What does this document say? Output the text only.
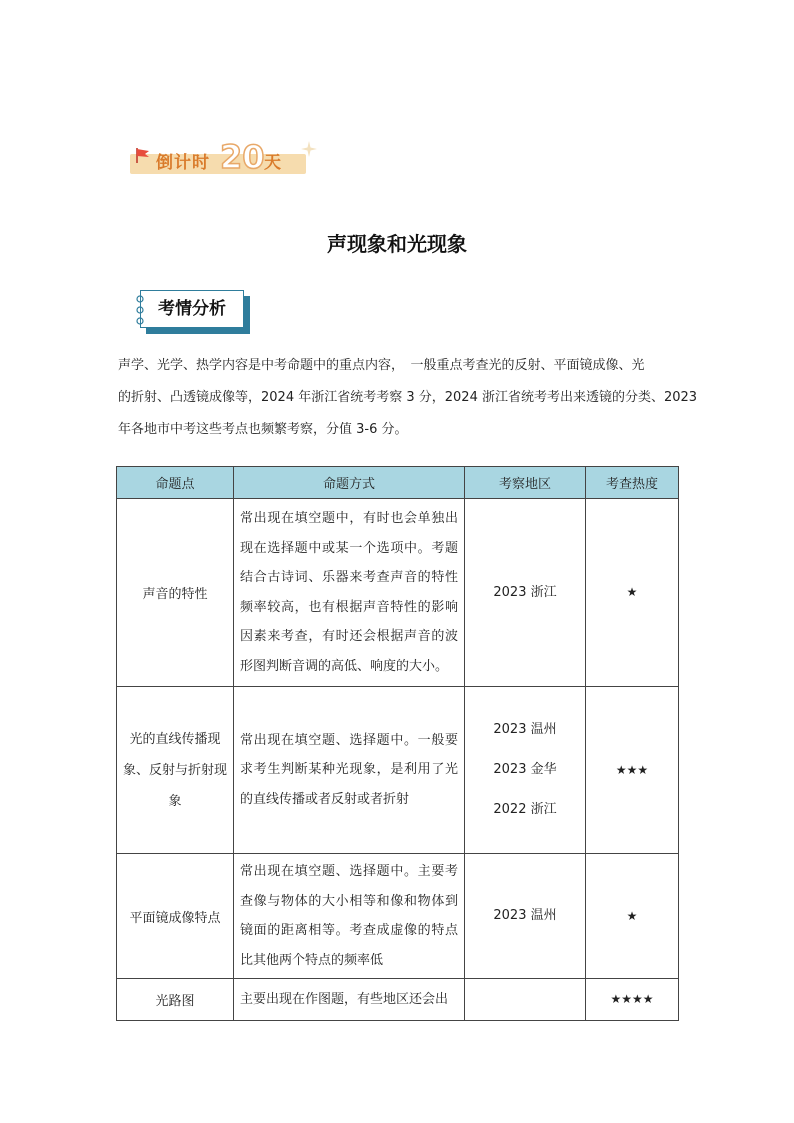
倒计时 20 天
声现象和光现象
考情分析

声学、光学、热学内容是中考命题中的重点内容，　一般重点考查光的反射、平面镜成像、光

的折射、凸透镜成像等，2024 年浙江省统考考察 3 分，2024 浙江省统考考出来透镜的分类、2023

年各地市中考这些考点也频繁考察，分值 3-6 分。

命题点	命题方式	考察地区	考查热度
声音的特性	常出现在填空题中，有时也会单独出现在选择题中或某一个选项中。考题结合古诗词、乐器来考查声音的特性频率较高，也有根据声音特性的影响因素来考查，有时还会根据声音的波形图判断音调的高低、响度的大小。	2023 浙江	★
光的直线传播现象、反射与折射现象	常出现在填空题、选择题中。一般要求考生判断某种光现象，是利用了光的直线传播或者反射或者折射	2023 温州
2023 金华
2022 浙江	★★★
平面镜成像特点	常出现在填空题、选择题中。主要考查像与物体的大小相等和像和物体到镜面的距离相等。考查成虚像的特点比其他两个特点的频率低	2023 温州	★
光路图	主要出现在作图题，有些地区还会出		★★★★
